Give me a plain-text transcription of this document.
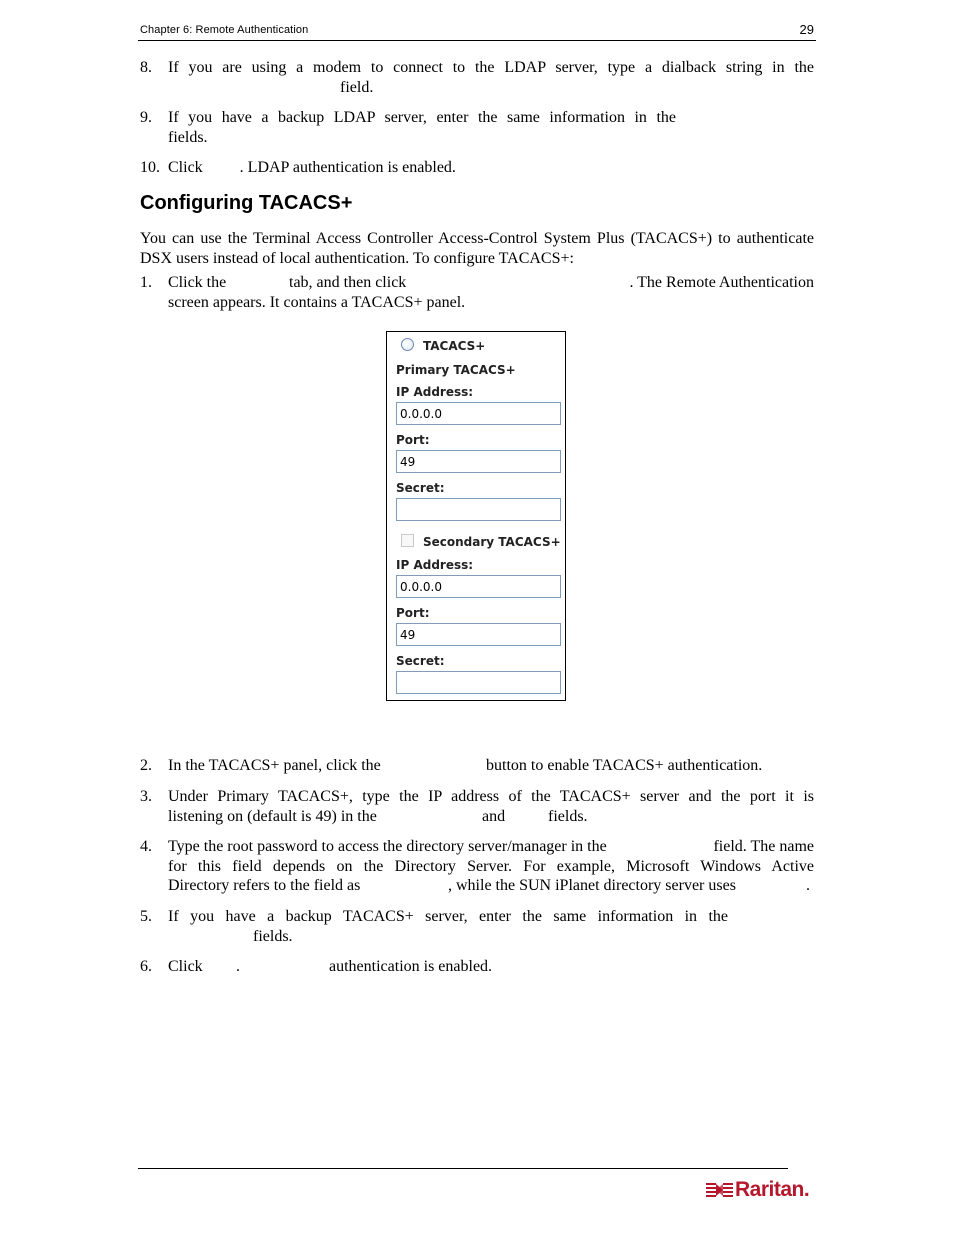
Chapter 6: Remote Authentication	29
8. If you are using a modem to connect to the LDAP server, type a dialback string in the
field.
9. If you have a backup LDAP server, enter the same information in the
fields.
10. Click . LDAP authentication is enabled.
Configuring TACACS+
You can use the Terminal Access Controller Access-Control System Plus (TACACS+) to authenticate DSX users instead of local authentication. To configure TACACS+:
1. Click the	tab, and then click	. The Remote Authentication
screen appears. It contains a TACACS+ panel.
TACACS+
Primary TACACS+
IP Address:
0.0.0.0
Port:
49
Secret:
Secondary TACACS+
IP Address:
0.0.0.0
Port:
49
Secret:
2. In the TACACS+ panel, click the	button to enable TACACS+ authentication.
3. Under Primary TACACS+, type the IP address of the TACACS+ server and the port it is
listening on (default is 49) in the	and	fields.
4. Type the root password to access the directory server/manager in the	field. The name
for this field depends on the Directory Server. For example, Microsoft Windows Active
Directory refers to the field as	, while the SUN iPlanet directory server uses	.
5. If you have a backup TACACS+ server, enter the same information in the
fields.
6. Click .	authentication is enabled.
Raritan.
